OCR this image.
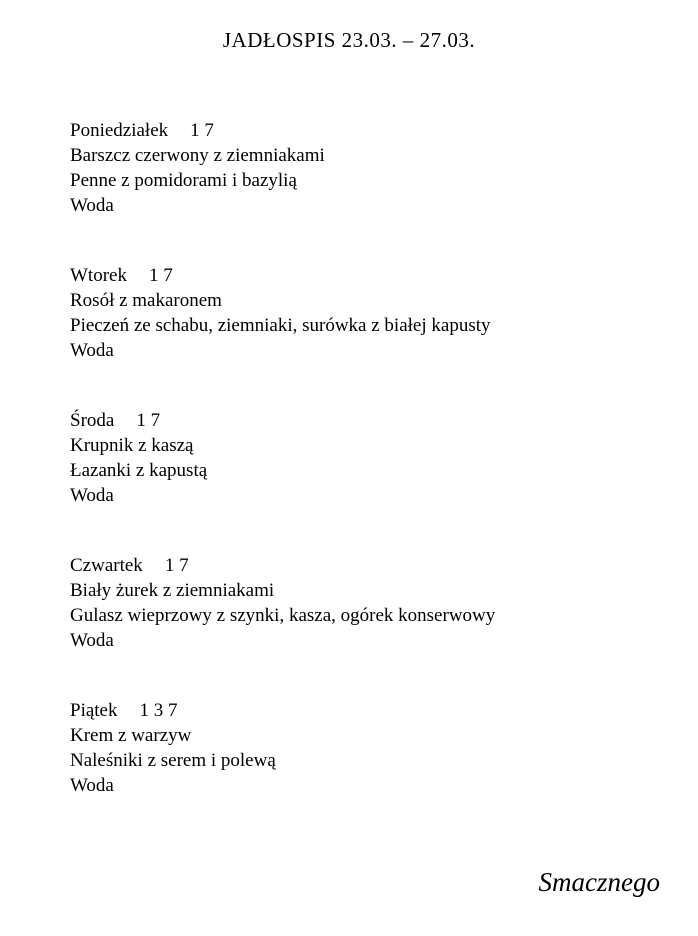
JADŁOSPIS 23.03. – 27.03.
Poniedziałek 1 7
Barszcz czerwony z ziemniakami
Penne z pomidorami i bazylią
Woda
Wtorek 1 7
Rosół z makaronem
Pieczeń ze schabu, ziemniaki, surówka z białej kapusty
Woda
Środa 1 7
Krupnik z kaszą
Łazanki z kapustą
Woda
Czwartek 1 7
Biały żurek z ziemniakami
Gulasz wieprzowy z szynki, kasza, ogórek konserwowy
Woda
Piątek 1 3 7
Krem z warzyw
Naleśniki z serem i polewą
Woda
Smacznego
